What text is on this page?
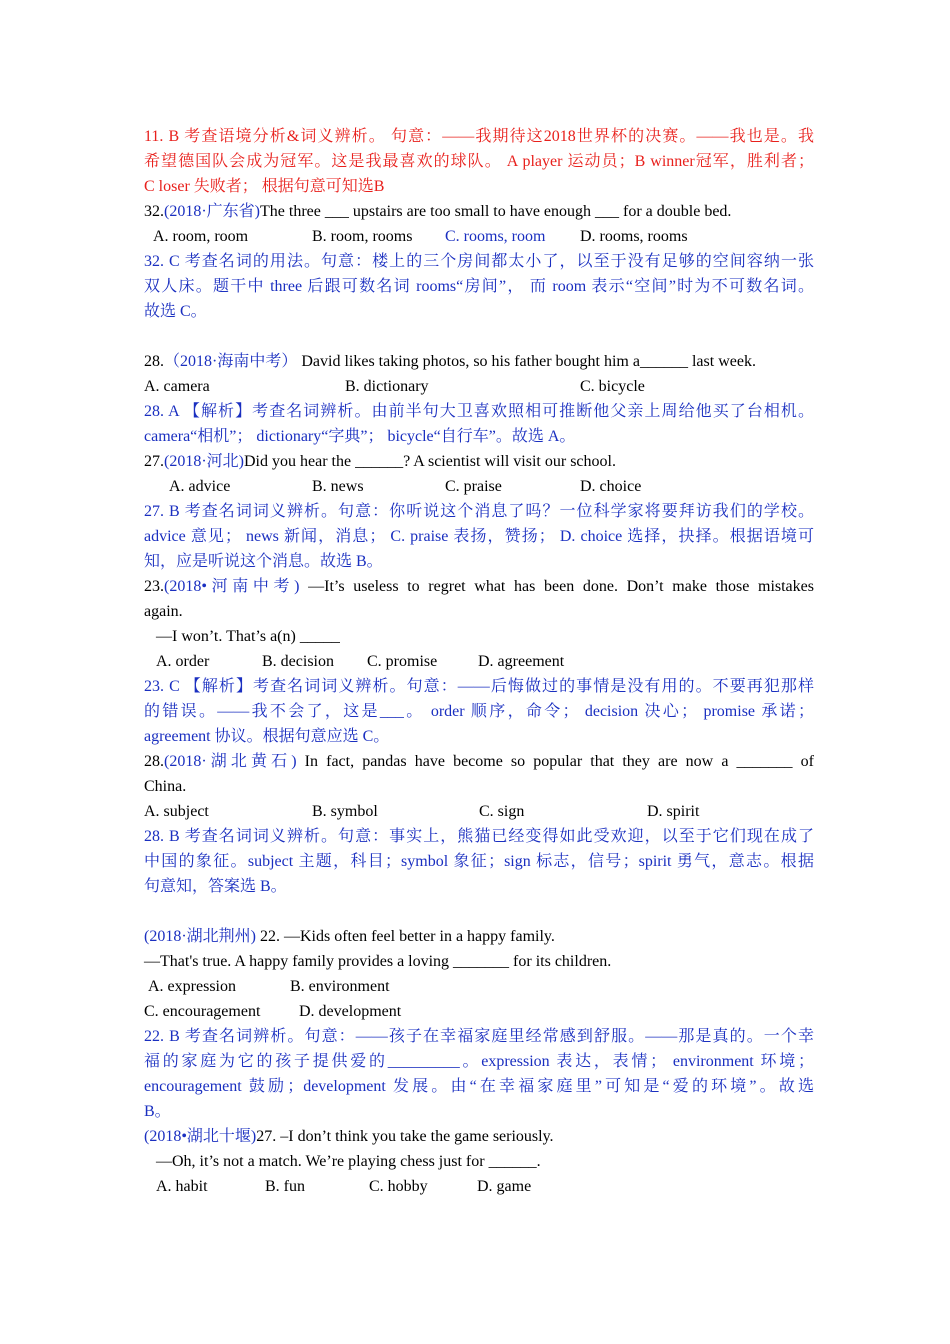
11. B 考查语境分析&词义辨析。 句意：——我期待这2018世界杯的决赛。——我也是。我
希望德国队会成为冠军。这是我最喜欢的球队。 A player 运动员；B winner冠军，胜利者；
C loser 失败者； 根据句意可知选B
32.(2018·广东省)The three ___ upstairs are too small to have enough ___ for a double bed.
A. room, room	B. room, rooms C. rooms, room D. rooms, rooms
32. C 考查名词的用法。句意：楼上的三个房间都太小了，以至于没有足够的空间容纳一张
双人床。题干中 three 后跟可数名词 rooms“房间”， 而 room 表示“空间”时为不可数名词。
故选 C。
28.（2018·海南中考） David likes taking photos, so his father bought him a______ last week.
A. camera	B. dictionary	C. bicycle
28. A 【解析】考查名词辨析。由前半句大卫喜欢照相可推断他父亲上周给他买了台相机。
camera“相机”； dictionary“字典”； bicycle“自行车”。故选 A。
27.(2018·河北)Did you hear the ______? A scientist will visit our school.
A. advice	B. news	C. praise	D. choice
27. B 考查名词词义辨析。句意：你听说这个消息了吗？一位科学家将要拜访我们的学校。
advice 意见； news 新闻，消息； C. praise 表扬，赞扬； D. choice 选择，抉择。根据语境可
知，应是听说这个消息。故选 B。
23.(2018•河南中考) —It’s useless to regret what has been done. Don’t make those mistakes
again.
—I won’t. That’s a(n) _____
A. order	B. decision C. promise	D. agreement
23. C 【解析】考查名词词义辨析。句意：——后悔做过的事情是没有用的。不要再犯那样
的错误。——我不会了，这是___。 order 顺序，命令； decision 决心； promise 承诺；
agreement 协议。根据句意应选 C。
28.(2018·湖北黄石) In fact, pandas have become so popular that they are now a _______ of
China.
A. subject	B. symbol	C. sign	D. spirit
28. B 考查名词词义辨析。句意：事实上，熊猫已经变得如此受欢迎，以至于它们现在成了
中国的象征。subject 主题，科目；symbol 象征；sign 标志，信号；spirit 勇气，意志。根据
句意知，答案选 B。
(2018·湖北荆州) 22. —Kids often feel better in a happy family.
—That's true. A happy family provides a loving _______ for its children.
A. expression	B. environment
C. encouragement D. development
22. B 考查名词辨析。句意：——孩子在幸福家庭里经常感到舒服。——那是真的。一个幸
福的家庭为它的孩子提供爱的_________。expression 表达，表情； environment 环境；
encouragement 鼓励；development 发展。由“在幸福家庭里”可知是“爱的环境”。故选
B。
(2018•湖北十堰)27. –I don’t think you take the game seriously.
—Oh, it’s not a match. We’re playing chess just for ______.
A. habit	B. fun	C. hobby	D. game
